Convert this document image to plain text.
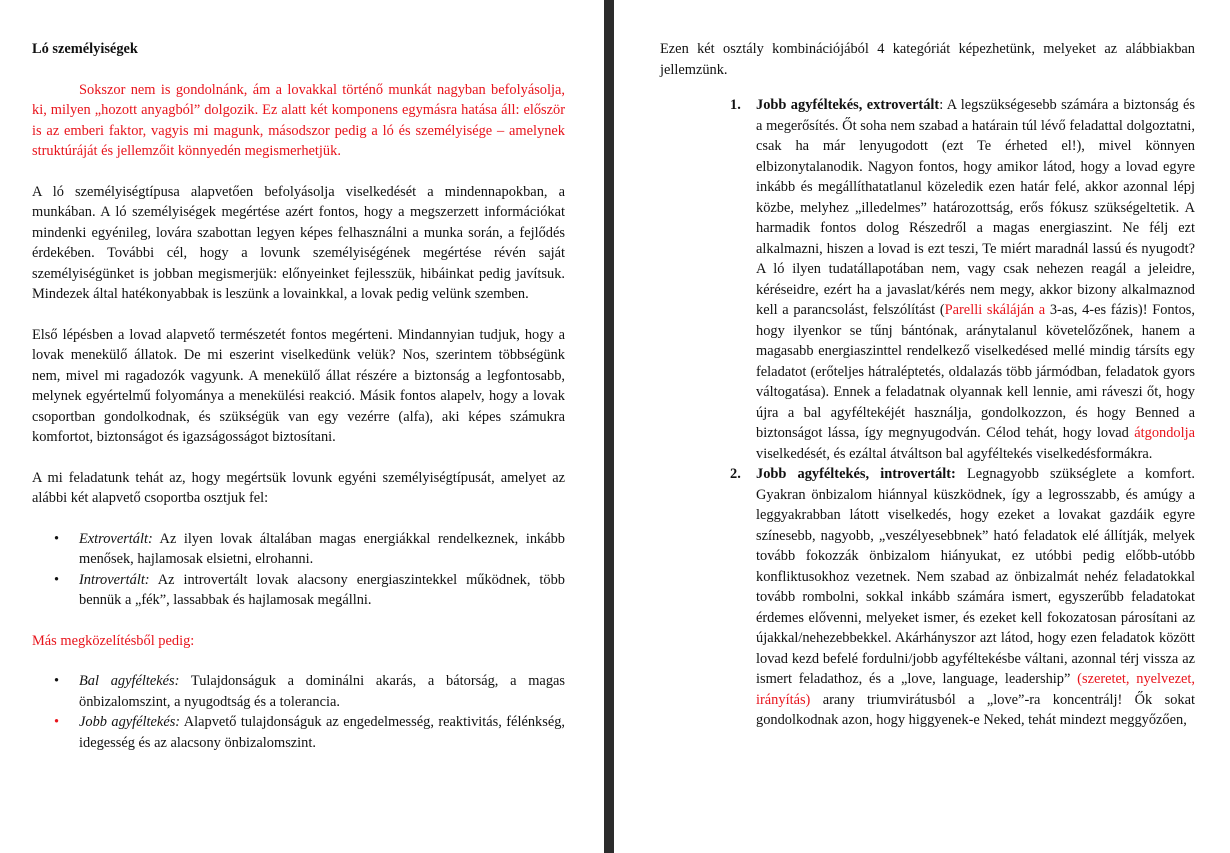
Ló személyiségek

Sokszor nem is gondolnánk, ám a lovakkal történő munkát nagyban befolyásolja, ki, milyen „hozott anyagból” dolgozik. Ez alatt két komponens egymásra hatása áll: először is az emberi faktor, vagyis mi magunk, másodszor pedig a ló és személyisége – amelynek struktúráját és jellemzőit könnyedén megismerhetjük.

A ló személyiségtípusa alapvetően befolyásolja viselkedését a mindennapokban, a munkában. A ló személyiségek megértése azért fontos, hogy a megszerzett információkat mindenki egyénileg, lovára szabottan legyen képes felhasználni a munka során, a fejlődés érdekében. További cél, hogy a lovunk személyiségének megértése révén saját személyiségünket is jobban megismerjük: előnyeinket fejlesszük, hibáinkat pedig javítsuk. Mindezek által hatékonyabbak is leszünk a lovainkkal, a lovak pedig velünk szemben.

Első lépésben a lovad alapvető természetét fontos megérteni. Mindannyian tudjuk, hogy a lovak menekülő állatok. De mi eszerint viselkedünk velük? Nos, szerintem többségünk nem, mivel mi ragadozók vagyunk. A menekülő állat részére a biztonság a legfontosabb, melynek egyértelmű folyománya a menekülési reakció. Másik fontos alapelv, hogy a lovak csoportban gondolkodnak, és szükségük van egy vezérre (alfa), aki képes számukra komfortot, biztonságot és igazságosságot biztosítani.

A mi feladatunk tehát az, hogy megértsük lovunk egyéni személyiségtípusát, amelyet az alábbi két alapvető csoportba osztjuk fel:

• Extrovertált: Az ilyen lovak általában magas energiákkal rendelkeznek, inkább menősek, hajlamosak elsietni, elrohanni.
• Introvertált: Az introvertált lovak alacsony energiaszintekkel működnek, több bennük a „fék”, lassabbak és hajlamosak megállni.

Más megközelítésből pedig:

• Bal agyféltekés: Tulajdonságuk a dominálni akarás, a bátorság, a magas önbizalomszint, a nyugodtság és a tolerancia.
• Jobb agyféltekés: Alapvető tulajdonságuk az engedelmesség, reaktivitás, félénkség, idegesség és az alacsony önbizalomszint.

Ezen két osztály kombinációjából 4 kategóriát képezhetünk, melyeket az alábbiakban jellemzünk.

1. Jobb agyféltekés, extrovertált: A legszükségesebb számára a biztonság és a megerősítés. Őt soha nem szabad a határain túl lévő feladattal dolgoztatni, csak ha már lenyugodott (ezt Te érheted el!), mivel könnyen elbizonytalanodik. Nagyon fontos, hogy amikor látod, hogy a lovad egyre inkább és megállíthatatlanul közeledik ezen határ felé, akkor azonnal lépj közbe, melyhez „illedelmes” határozottság, erős fókusz szükségeltetik. A harmadik fontos dolog Részedről a magas energiaszint. Ne félj ezt alkalmazni, hiszen a lovad is ezt teszi, Te miért maradnál lassú és nyugodt? A ló ilyen tudatállapotában nem, vagy csak nehezen reagál a jeleidre, kéréseidre, ezért ha a javaslat/kérés nem megy, akkor bizony alkalmaznod kell a parancsolást, felszólítást (Parelli skáláján a 3-as, 4-es fázis)! Fontos, hogy ilyenkor se tűnj bántónak, aránytalanul követelőzőnek, hanem a magasabb energiaszinttel rendelkező viselkedésed mellé mindig társíts egy feladatot (erőteljes hátraléptetés, oldalazás több jármódban, feladatok gyors váltogatása). Ennek a feladatnak olyannak kell lennie, ami ráveszi őt, hogy újra a bal agyféltekéjét használja, gondolkozzon, és hogy Benned a biztonságot lássa, így megnyugodván. Célod tehát, hogy lovad átgondolja viselkedését, és ezáltal átváltson bal agyféltekés viselkedésformákra.
2. Jobb agyféltekés, introvertált: Legnagyobb szükséglete a komfort. Gyakran önbizalom hiánnyal küszködnek, így a legrosszabb, és amúgy a leggyakrabban látott viselkedés, hogy ezeket a lovakat gazdáik egyre színesebb, nagyobb, „veszélyesebbnek” ható feladatok elé állítják, melyek tovább fokozzák önbizalom hiányukat, ez utóbbi pedig előbb-utóbb konfliktusokhoz vezetnek. Nem szabad az önbizalmát nehéz feladatokkal tovább rombolni, sokkal inkább számára ismert, egyszerűbb feladatokat érdemes elővenni, melyeket ismer, és ezeket kell fokozatosan párosítani az újakkal/nehezebbekkel. Akárhányszor azt látod, hogy ezen feladatok között lovad kezd befelé fordulni/jobb agyféltekésbe váltani, azonnal térj vissza az ismert feladathoz, és a „love, language, leadership” (szeretet, nyelvezet, irányítás) arany triumvirátusból a „love”-ra koncentrálj! Ők sokat gondolkodnak azon, hogy higgyenek-e Neked, tehát mindezt meggyőzően,
